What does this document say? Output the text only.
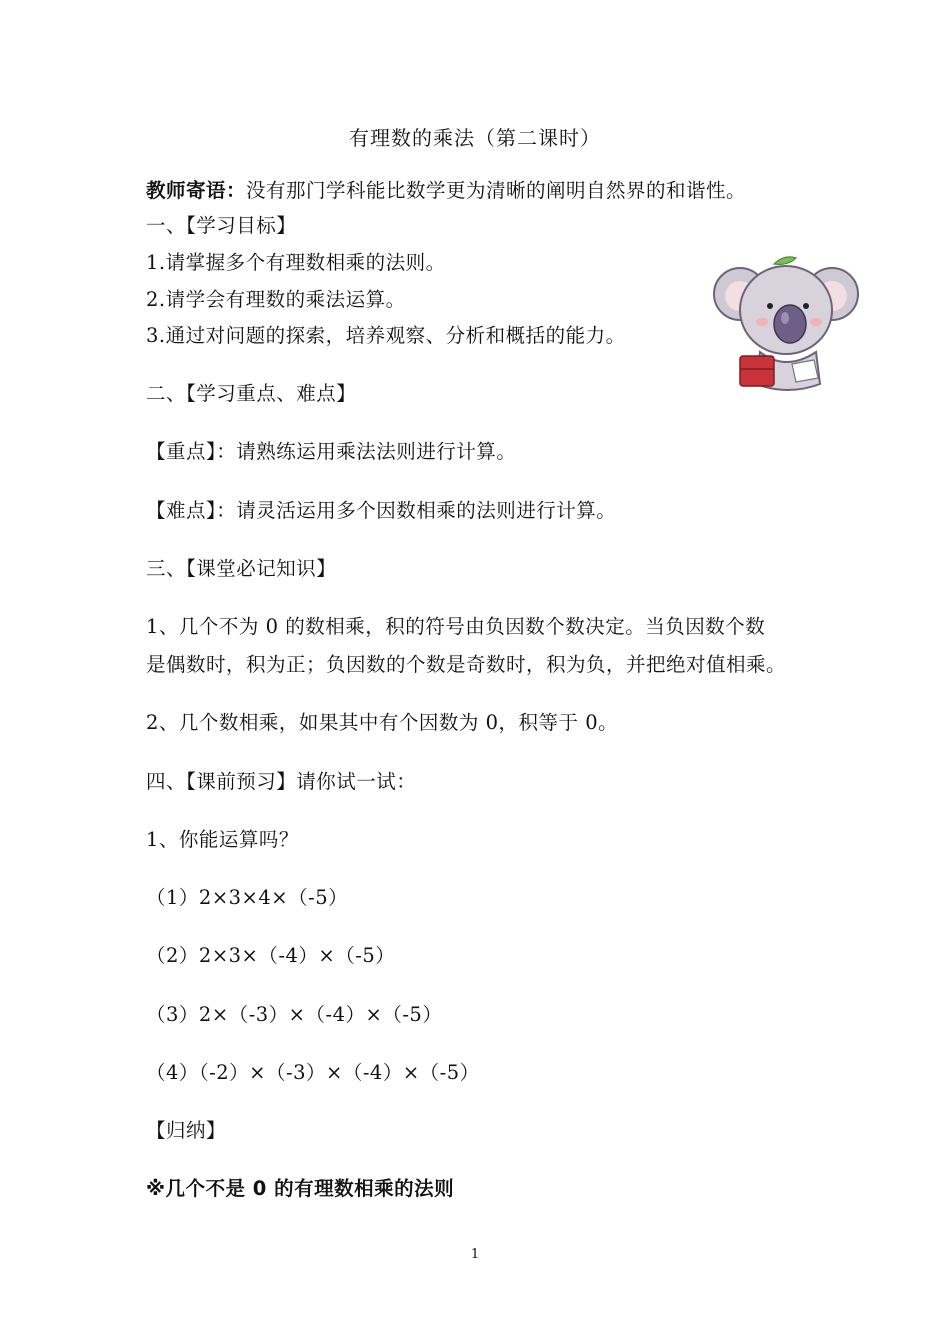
有理数的乘法（第二课时）
教师寄语：没有那门学科能比数学更为清晰的阐明自然界的和谐性。
一、【学习目标】
1.请掌握多个有理数相乘的法则。
2.请学会有理数的乘法运算。
3.通过对问题的探索，培养观察、分析和概括的能力。
二、【学习重点、难点】
【重点】：请熟练运用乘法法则进行计算。
【难点】：请灵活运用多个因数相乘的法则进行计算。
三、【课堂必记知识】
1、几个不为 0 的数相乘，积的符号由负因数个数决定。当负因数个数
是偶数时，积为正；负因数的个数是奇数时，积为负，并把绝对值相乘。
2、几个数相乘，如果其中有个因数为 0，积等于 0。
四、【课前预习】请你试一试：
1、你能运算吗？
（1）2×3×4×（-5）
（2）2×3×（-4）×（-5）
（3）2×（-3）×（-4）×（-5）
（4）（-2）×（-3）×（-4）×（-5）
【归纳】
※几个不是 0 的有理数相乘的法则
1
